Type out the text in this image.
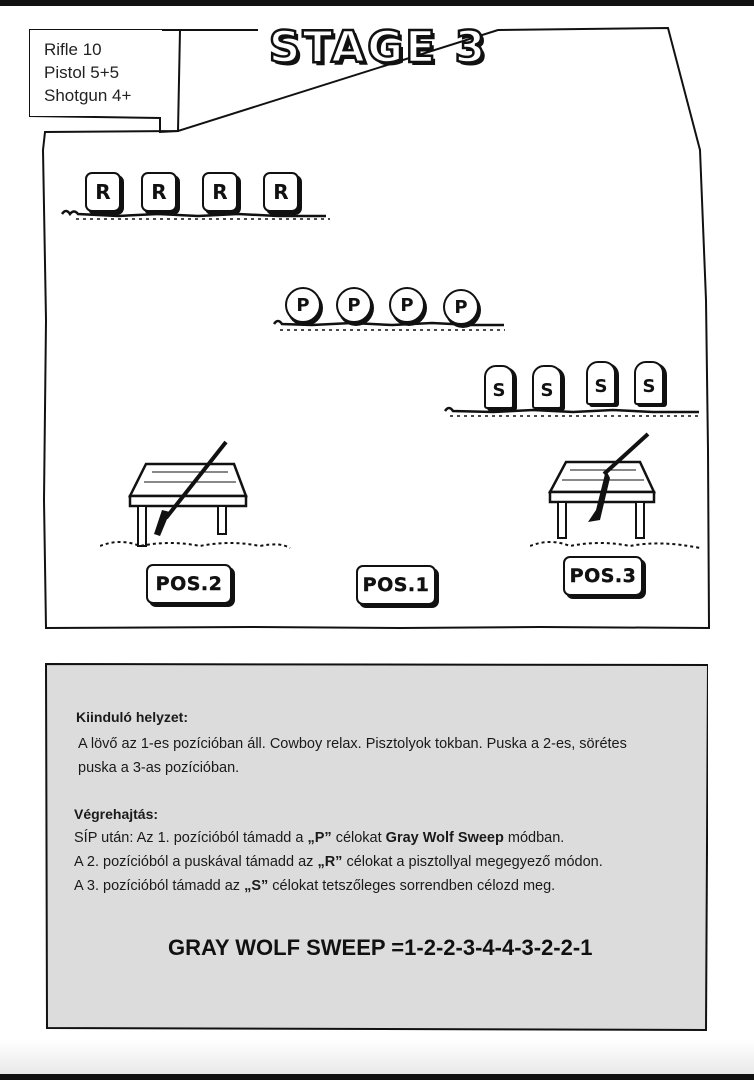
Rifle 10
Pistol 5+5
Shotgun 4+
STAGE 3
R	R	R	R
P	P	P	P
S	S	S	S
POS.2	POS.1	POS.3
Kiinduló helyzet:
A lövő az 1-es pozícióban áll. Cowboy relax. Pisztolyok tokban. Puska a 2-es, sörétes
puska a 3-as pozícióban.
Végrehajtás:
SÍP után: Az 1. pozícióból támadd a „P” célokat Gray Wolf Sweep módban.
A 2. pozícióból a puskával támadd az „R” célokat a pisztollyal megegyező módon.
A 3. pozícióból támadd az „S” célokat tetszőleges sorrendben célozd meg.
GRAY WOLF SWEEP =1-2-2-3-4-4-3-2-2-1
